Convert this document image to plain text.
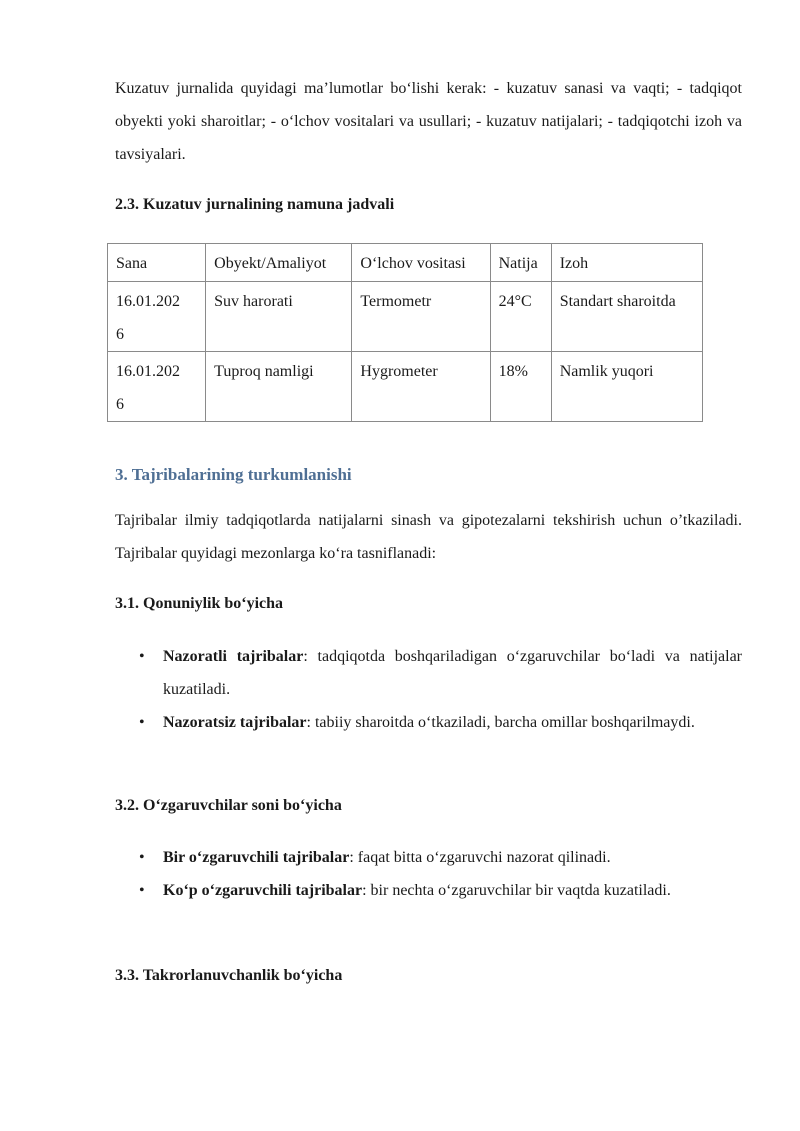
Kuzatuv jurnalida quyidagi ma’lumotlar bo‘lishi kerak: - kuzatuv sanasi va vaqti; - tadqiqot obyekti yoki sharoitlar; - o‘lchov vositalari va usullari; - kuzatuv natijalari; - tadqiqotchi izoh va tavsiyalari.

2.3. Kuzatuv jurnalining namuna jadvali

Sana	Obyekt/Amaliyot	O‘lchov vositasi	Natija	Izoh
16.01.202
6	Suv harorati	Termometr	24°C	Standart sharoitda
16.01.202
6	Tuproq namligi	Hygrometer	18%	Namlik yuqori

3. Tajribalarining turkumlanishi

Tajribalar ilmiy tadqiqotlarda natijalarni sinash va gipotezalarni tekshirish uchun o’tkaziladi. Tajribalar quyidagi mezonlarga ko‘ra tasniflanadi:

3.1. Qonuniylik bo‘yicha

• Nazoratli tajribalar: tadqiqotda boshqariladigan o‘zgaruvchilar bo‘ladi va natijalar kuzatiladi.
• Nazoratsiz tajribalar: tabiiy sharoitda o‘tkaziladi, barcha omillar boshqarilmaydi.

3.2. O‘zgaruvchilar soni bo‘yicha

• Bir o‘zgaruvchili tajribalar: faqat bitta o‘zgaruvchi nazorat qilinadi.
• Ko‘p o‘zgaruvchili tajribalar: bir nechta o‘zgaruvchilar bir vaqtda kuzatiladi.

3.3. Takrorlanuvchanlik bo‘yicha
